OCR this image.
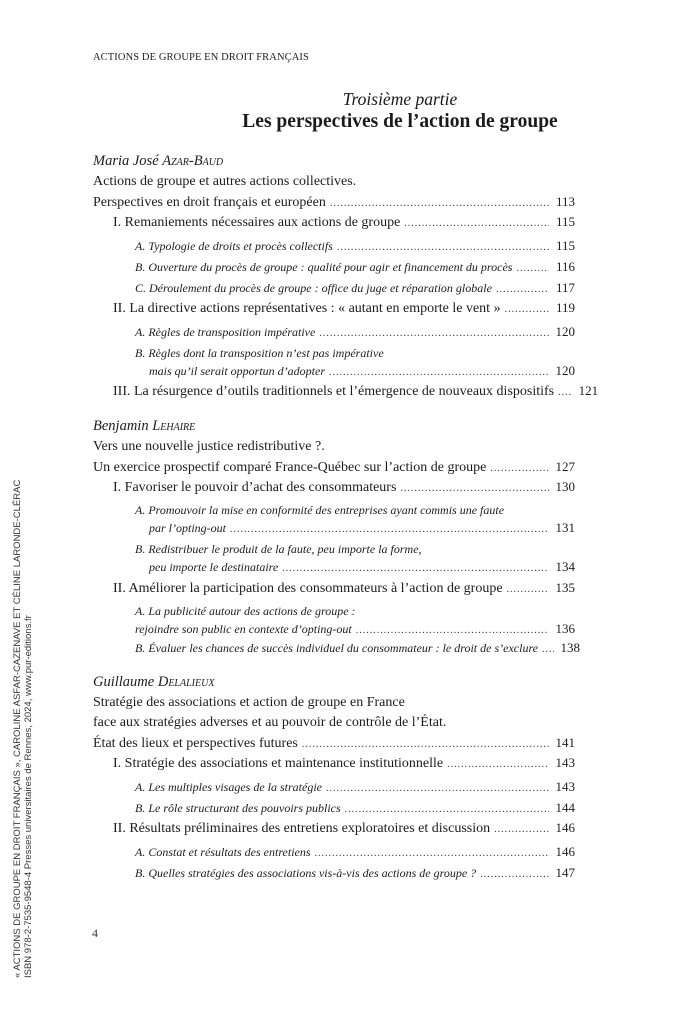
ACTIONS DE GROUPE EN DROIT FRANÇAIS
Troisième partie
Les perspectives de l’action de groupe
Maria José Azar-Baud
Actions de groupe et autres actions collectives.
Perspectives en droit français et européen .....	113
I. Remaniements nécessaires aux actions de groupe .....	115
A. Typologie de droits et procès collectifs .....	115
B. Ouverture du procès de groupe : qualité pour agir et financement du procès .....	116
C. Déroulement du procès de groupe : office du juge et réparation globale .....	117
II. La directive actions représentatives : « autant en emporte le vent » .....	119
A. Règles de transposition impérative .....	120
B. Règles dont la transposition n’est pas impérative
mais qu’il serait opportun d’adopter .....	120
III. La résurgence d’outils traditionnels et l’émergence de nouveaux dispositifs ..... 121
Benjamin Lehaire
Vers une nouvelle justice redistributive ?.
Un exercice prospectif comparé France-Québec sur l’action de groupe .....	127
I. Favoriser le pouvoir d’achat des consommateurs .....	130
A. Promouvoir la mise en conformité des entreprises ayant commis une faute
par l’opting-out .....	131
B. Redistribuer le produit de la faute, peu importe la forme,
peu importe le destinataire .....	134
II. Améliorer la participation des consommateurs à l’action de groupe .....	135
A. La publicité autour des actions de groupe :
rejoindre son public en contexte d’opting-out .....	136
B. Évaluer les chances de succès individuel du consommateur : le droit de s’exclure ..... 138
Guillaume Delalieux
Stratégie des associations et action de groupe en France
face aux stratégies adverses et au pouvoir de contrôle de l’État.
État des lieux et perspectives futures .....	141
I. Stratégie des associations et maintenance institutionnelle .....	143
A. Les multiples visages de la stratégie .....	143
B. Le rôle structurant des pouvoirs publics .....	144
II. Résultats préliminaires des entretiens exploratoires et discussion .....	146
A. Constat et résultats des entretiens .....	146
B. Quelles stratégies des associations vis-à-vis des actions de groupe ? .....	147
4
« ACTIONS DE GROUPE EN DROIT FRANÇAIS », CAROLINE ASFAR-CAZENAVE ET CÉLINE LARONDE-CLÉRAC ISBN 978-2-7535-9548-4 Presses universitaires de Rennes, 2024, www.pur-editions.fr
